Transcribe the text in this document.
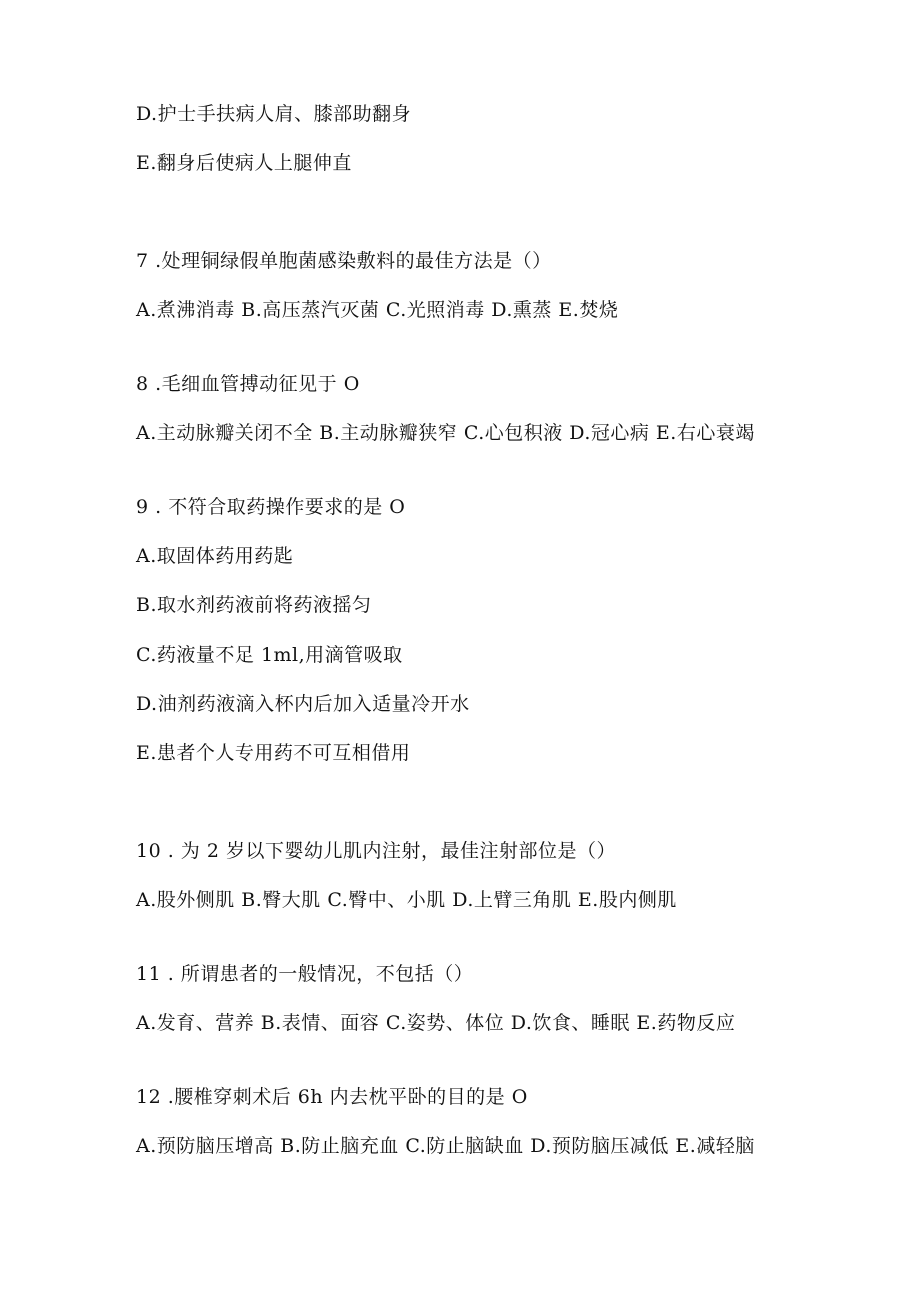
D.护士手扶病人肩、膝部助翻身
E.翻身后使病人上腿伸直
7 .处理铜绿假单胞菌感染敷料的最佳方法是（）
A.煮沸消毒 B.高压蒸汽灭菌 C.光照消毒 D.熏蒸 E.焚烧
8 .毛细血管搏动征见于 O
A.主动脉瓣关闭不全 B.主动脉瓣狭窄 C.心包积液 D.冠心病 E.右心衰竭
9 . 不符合取药操作要求的是 O
A.取固体药用药匙
B.取水剂药液前将药液摇匀
C.药液量不足 1ml,用滴管吸取
D.油剂药液滴入杯内后加入适量冷开水
E.患者个人专用药不可互相借用
10 . 为 2 岁以下婴幼儿肌内注射，最佳注射部位是（）
A.股外侧肌 B.臀大肌 C.臀中、小肌 D.上臂三角肌 E.股内侧肌
11 . 所谓患者的一般情况，不包括（）
A.发育、营养 B.表情、面容 C.姿势、体位 D.饮食、睡眠 E.药物反应
12 .腰椎穿刺术后 6h 内去枕平卧的目的是 O
A.预防脑压增高 B.防止脑充血 C.防止脑缺血 D.预防脑压减低 E.减轻脑
